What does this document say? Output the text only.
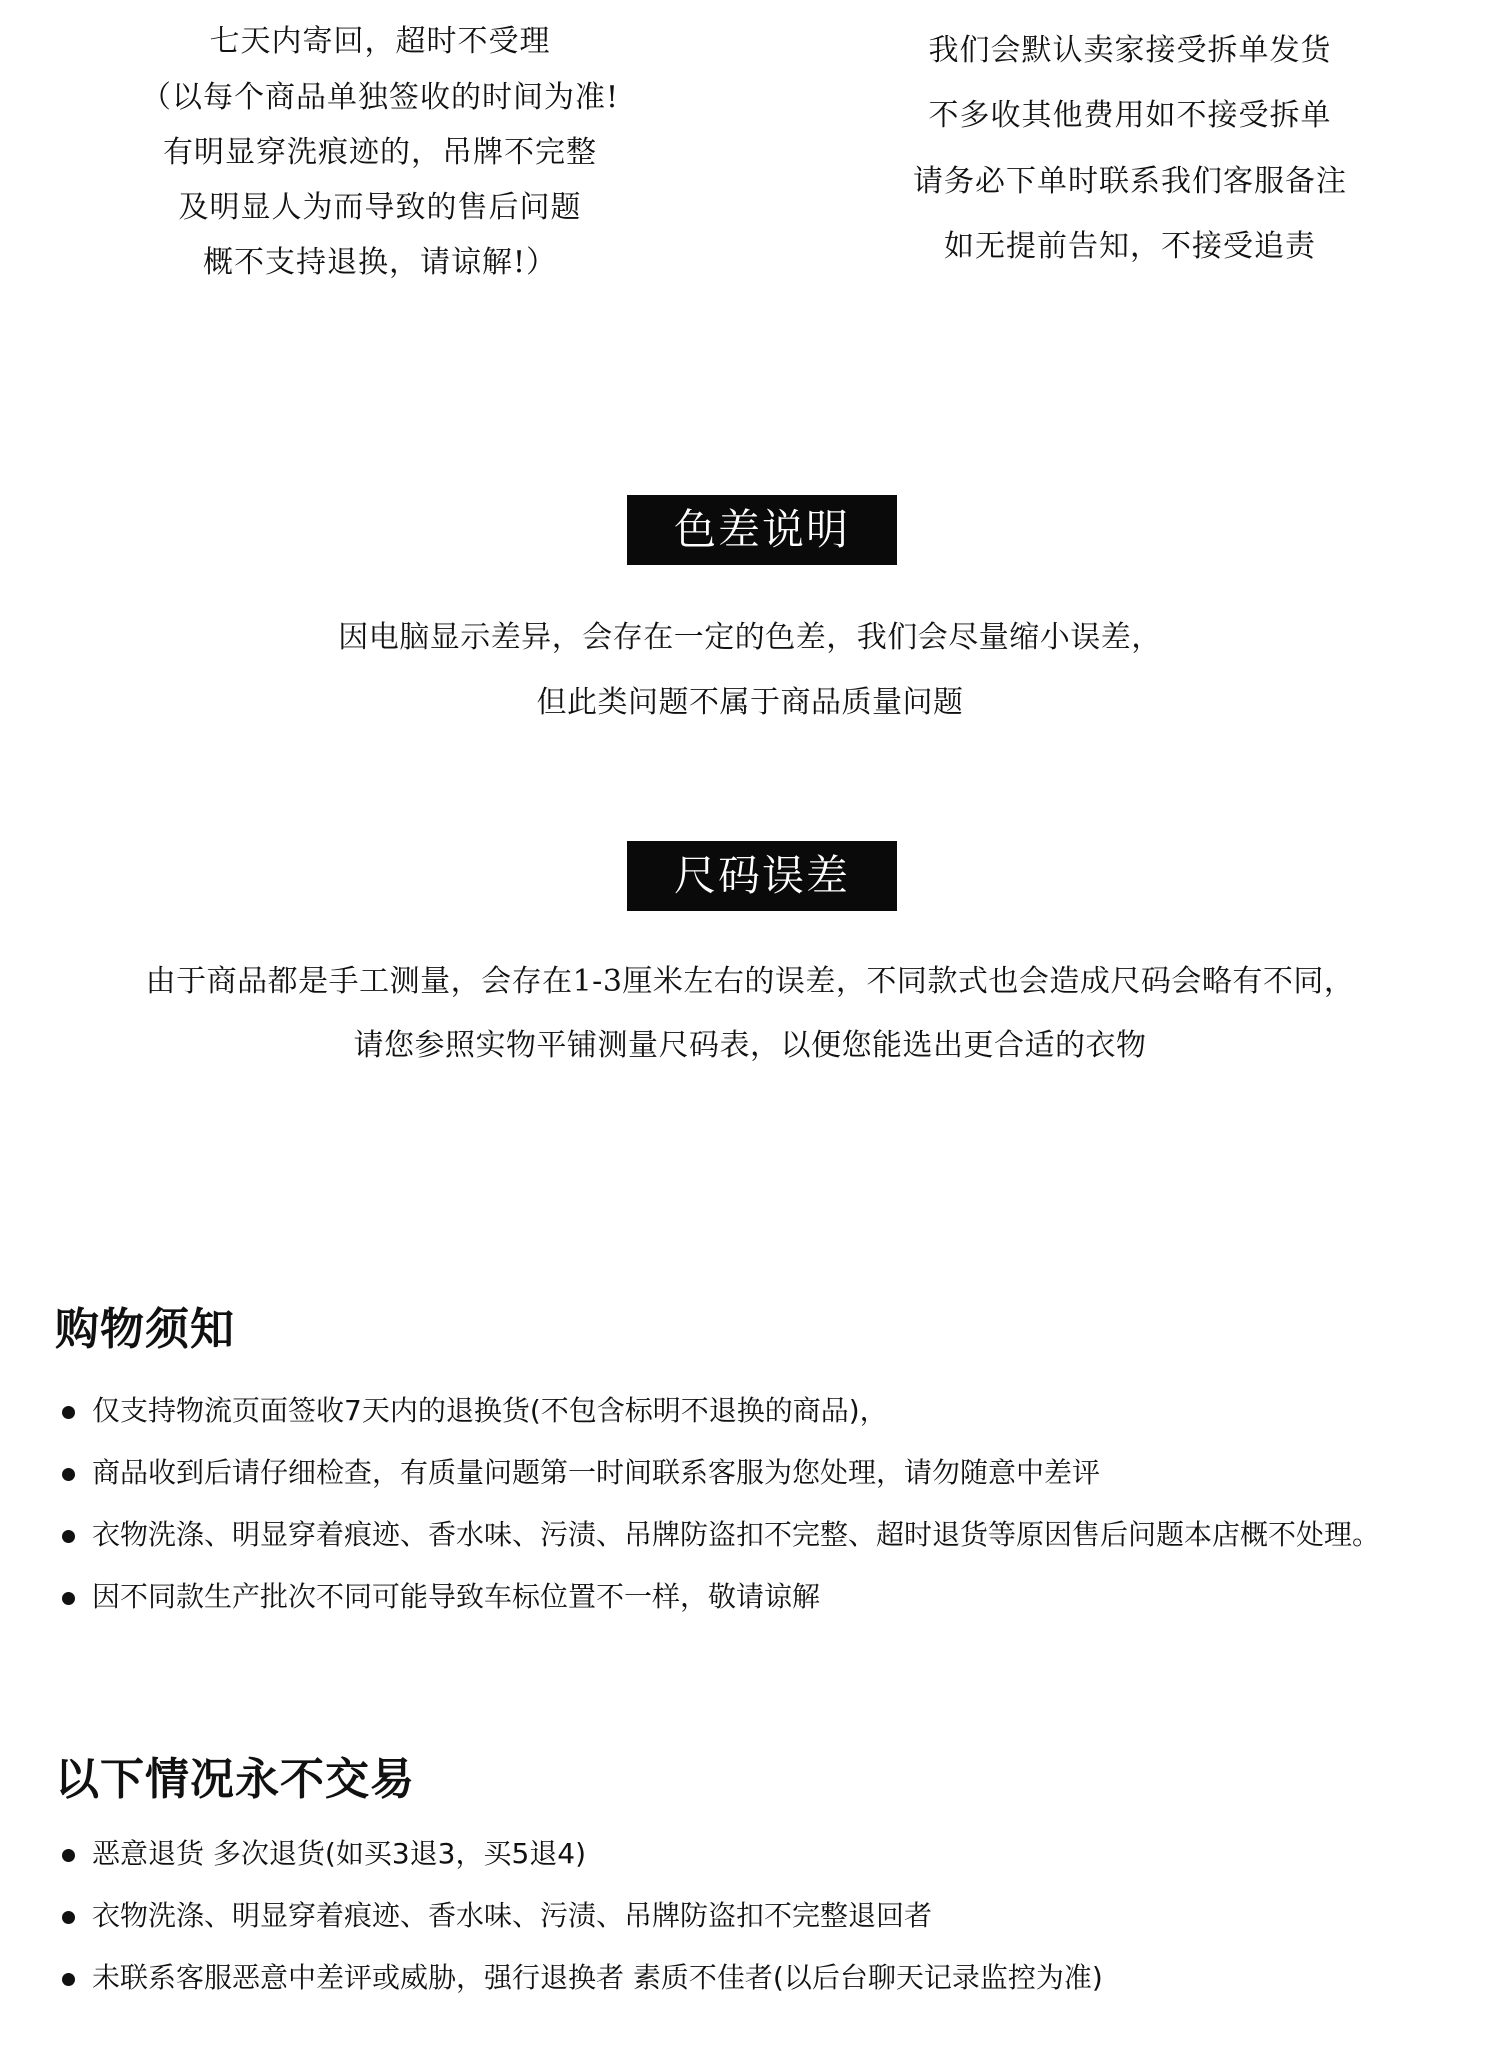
七天内寄回，超时不受理
（以每个商品单独签收的时间为准!
有明显穿洗痕迹的，吊牌不完整
及明显人为而导致的售后问题
概不支持退换，请谅解!）
我们会默认卖家接受拆单发货
不多收其他费用如不接受拆单
请务必下单时联系我们客服备注
如无提前告知，不接受追责
色差说明
因电脑显示差异，会存在一定的色差，我们会尽量缩小误差，
但此类问题不属于商品质量问题
尺码误差
由于商品都是手工测量，会存在1-3厘米左右的误差，不同款式也会造成尺码会略有不同，
请您参照实物平铺测量尺码表，以便您能选出更合适的衣物
购物须知
仅支持物流页面签收7天内的退换货(不包含标明不退换的商品)，
商品收到后请仔细检查，有质量问题第一时间联系客服为您处理，请勿随意中差评
衣物洗涤、明显穿着痕迹、香水味、污渍、吊牌防盗扣不完整、超时退货等原因售后问题本店概不处理。
因不同款生产批次不同可能导致车标位置不一样，敬请谅解
以下情况永不交易
恶意退货 多次退货(如买3退3，买5退4)
衣物洗涤、明显穿着痕迹、香水味、污渍、吊牌防盗扣不完整退回者
未联系客服恶意中差评或威胁，强行退换者 素质不佳者(以后台聊天记录监控为准)
